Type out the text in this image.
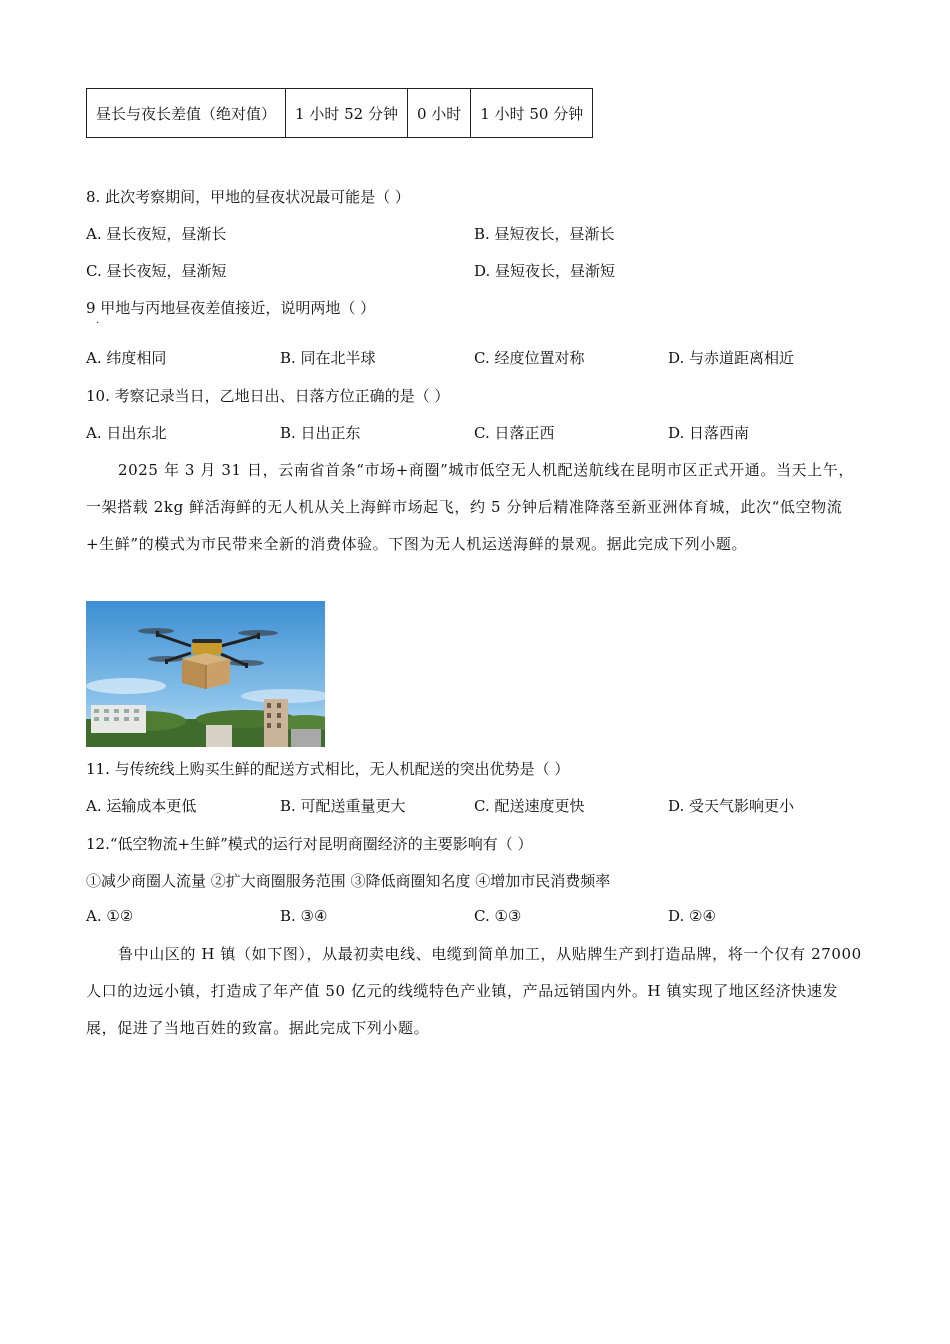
昼长与夜长差值（绝对值）	1 小时 52 分钟	0 小时	1 小时 50 分钟
8. 此次考察期间，甲地的昼夜状况最可能是（ ）
A. 昼长夜短，昼渐长	B. 昼短夜长，昼渐长
C. 昼长夜短，昼渐短	D. 昼短夜长，昼渐短
9 甲地与丙地昼夜差值接近，说明两地（ ）
·
A. 纬度相同	B. 同在北半球	C. 经度位置对称	D. 与赤道距离相近
10. 考察记录当日，乙地日出、日落方位正确的是（ ）
A. 日出东北	B. 日出正东	C. 日落正西	D. 日落西南
2025 年 3 月 31 日，云南省首条“市场+商圈”城市低空无人机配送航线在昆明市区正式开通。当天上午，一架搭载 2kg 鲜活海鲜的无人机从关上海鲜市场起飞，约 5 分钟后精准降落至新亚洲体育城，此次“低空物流+生鲜”的模式为市民带来全新的消费体验。下图为无人机运送海鲜的景观。据此完成下列小题。
11. 与传统线上购买生鲜的配送方式相比，无人机配送的突出优势是（ ）
A. 运输成本更低	B. 可配送重量更大	C. 配送速度更快	D. 受天气影响更小
12.“低空物流+生鲜”模式的运行对昆明商圈经济的主要影响有（ ）
①减少商圈人流量 ②扩大商圈服务范围 ③降低商圈知名度 ④增加市民消费频率
A. ①②	B. ③④	C. ①③	D. ②④
鲁中山区的 H 镇（如下图），从最初卖电线、电缆到简单加工，从贴牌生产到打造品牌，将一个仅有 27000 人口的边远小镇，打造成了年产值 50 亿元的线缆特色产业镇，产品远销国内外。H 镇实现了地区经济快速发展，促进了当地百姓的致富。据此完成下列小题。
